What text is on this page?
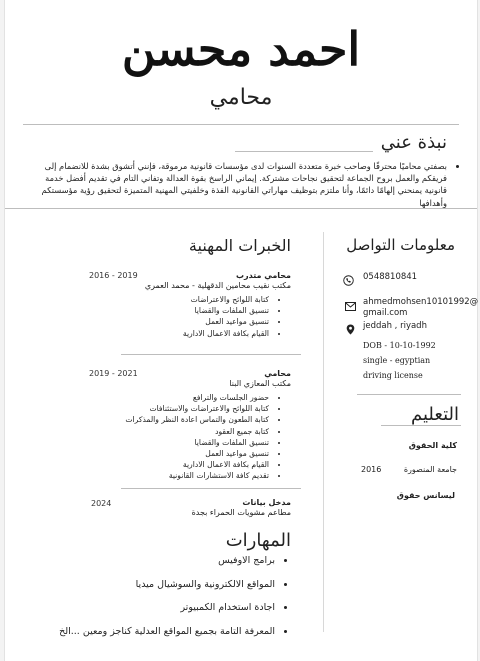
احمد محسن
محامي
نبذة عني
• بصفتي محاميًا محترفًا وصاحب خبرة متعددة السنوات لدى مؤسسات قانونية مرموقة، فإنني أتشوق بشدة للانضمام إلى فريقكم والعمل بروح الجماعة لتحقيق نجاحات مشتركة. إيماني الراسخ بقوة العدالة وتفاني التام في تقديم أفضل خدمة قانونية يمنحني إلهامًا دائمًا، وأنا ملتزم بتوظيف مهاراتي القانونية الفذة وخلفيتي المهنية المتميزة لتحقيق رؤية مؤسستكم وأهدافها
الخبرات المهنية
محامي متدرب
مكتب نقيب محامين الدقهلية - محمد العمري
• كتابة اللوائح والاعتراضات
• تنسيق الملفات والقضايا
• تنسيق مواعيد العمل
• القيام بكافة الاعمال الادارية
2016 - 2019
محامي
مكتب المعازي البنا
• حضور الجلسات والترافع
• كتابة اللوائح والاعتراضات والاستئنافات
• كتابة الطعون والتماس اعادة النظر والمذكرات
• كتابة جميع العقود
• تنسيق الملفات والقضايا
• تنسيق مواعيد العمل
• القيام بكافة الاعمال الادارية
• تقديم كافة الاستشارات القانونية
2019 - 2021
مدخل بيانات
مطاعم مشويات الحمراء بجدة
2024
المهارات
• برامج الاوفيس
• المواقع الالكترونية والسوشيال ميديا
• اجادة استخدام الكمبيوتر
• المعرفة التامة بجميع المواقع العدلية كناجز ومعين ...الخ
معلومات التواصل
0548810841
ahmedmohsen10101992@
gmail.com
jeddah , riyadh
DOB - 10-10-1992
single - egyptian
driving license
التعليم
كلية الحقوق
جامعة المنصورة
2016
ليسانس حقوق
